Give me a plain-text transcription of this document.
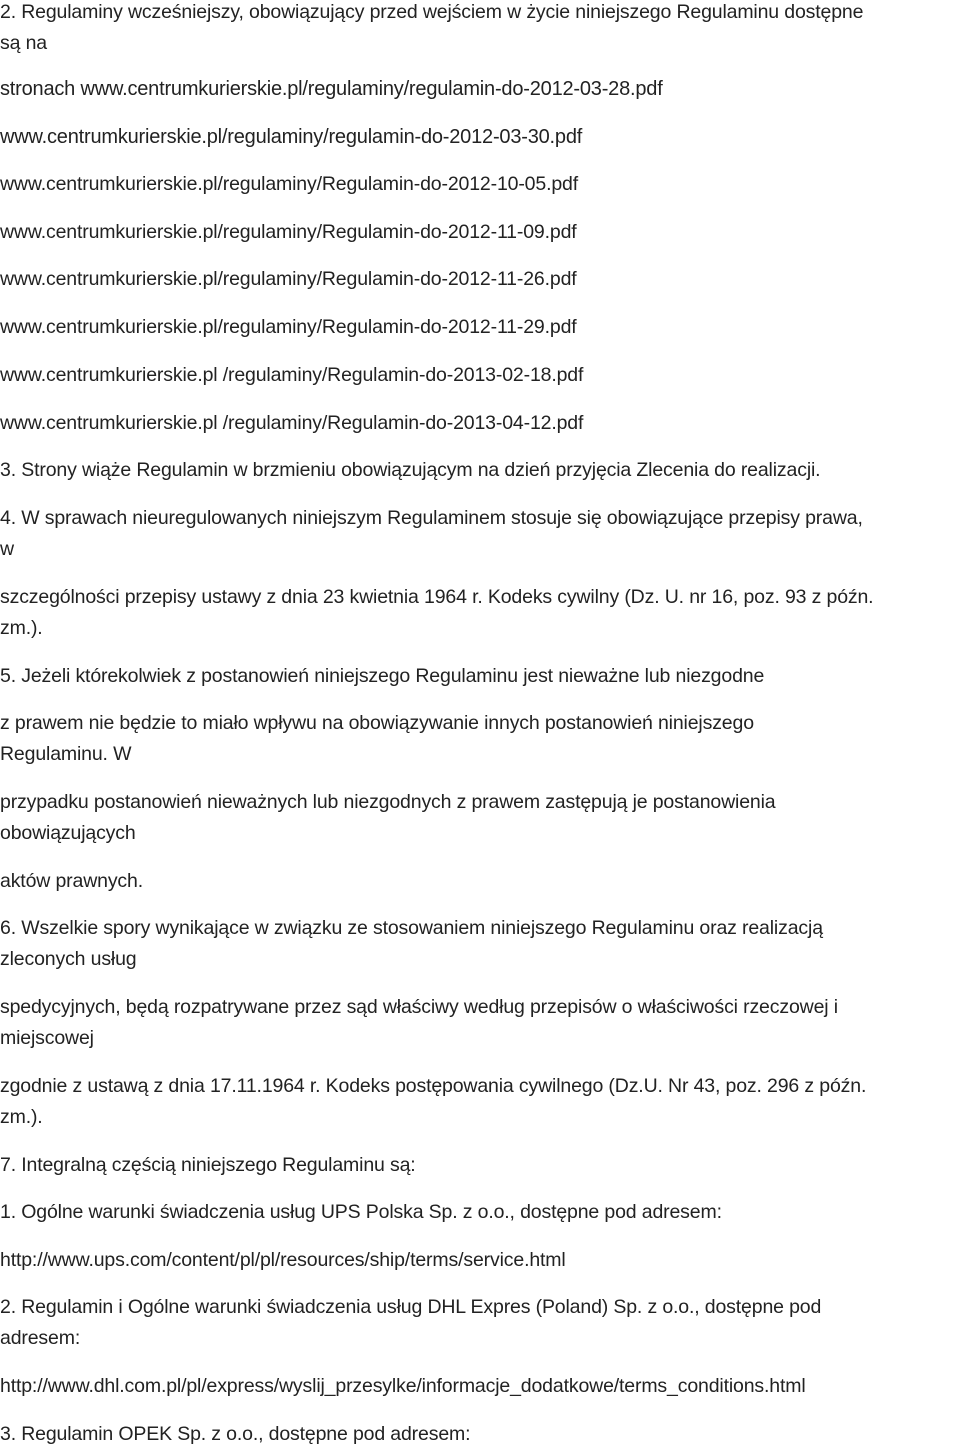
2. Regulaminy wcześniejszy, obowiązujący przed wejściem w życie niniejszego Regulaminu dostępne
są na
stronach www.centrumkurierskie.pl/regulaminy/regulamin-do-2012-03-28.pdf
www.centrumkurierskie.pl/regulaminy/regulamin-do-2012-03-30.pdf
www.centrumkurierskie.pl/regulaminy/Regulamin-do-2012-10-05.pdf
www.centrumkurierskie.pl/regulaminy/Regulamin-do-2012-11-09.pdf
www.centrumkurierskie.pl/regulaminy/Regulamin-do-2012-11-26.pdf
www.centrumkurierskie.pl/regulaminy/Regulamin-do-2012-11-29.pdf
www.centrumkurierskie.pl /regulaminy/Regulamin-do-2013-02-18.pdf
www.centrumkurierskie.pl /regulaminy/Regulamin-do-2013-04-12.pdf
3. Strony wiąże Regulamin w brzmieniu obowiązującym na dzień przyjęcia Zlecenia do realizacji.
4. W sprawach nieuregulowanych niniejszym Regulaminem stosuje się obowiązujące przepisy prawa,
w
szczególności przepisy ustawy z dnia 23 kwietnia 1964 r. Kodeks cywilny (Dz. U. nr 16, poz. 93 z późn.
zm.).
5. Jeżeli którekolwiek z postanowień niniejszego Regulaminu jest nieważne lub niezgodne
z prawem nie będzie to miało wpływu na obowiązywanie innych postanowień niniejszego
Regulaminu. W
przypadku postanowień nieważnych lub niezgodnych z prawem zastępują je postanowienia
obowiązujących
aktów prawnych.
6. Wszelkie spory wynikające w związku ze stosowaniem niniejszego Regulaminu oraz realizacją
zleconych usług
spedycyjnych, będą rozpatrywane przez sąd właściwy według przepisów o właściwości rzeczowej i
miejscowej
zgodnie z ustawą z dnia 17.11.1964 r. Kodeks postępowania cywilnego (Dz.U. Nr 43, poz. 296 z późn.
zm.).
7. Integralną częścią niniejszego Regulaminu są:
1. Ogólne warunki świadczenia usług UPS Polska Sp. z o.o., dostępne pod adresem:
http://www.ups.com/content/pl/pl/resources/ship/terms/service.html
2. Regulamin i Ogólne warunki świadczenia usług DHL Expres (Poland) Sp. z o.o., dostępne pod
adresem:
http://www.dhl.com.pl/pl/express/wyslij_przesylke/informacje_dodatkowe/terms_conditions.html
3. Regulamin OPEK Sp. z o.o., dostępne pod adresem:
